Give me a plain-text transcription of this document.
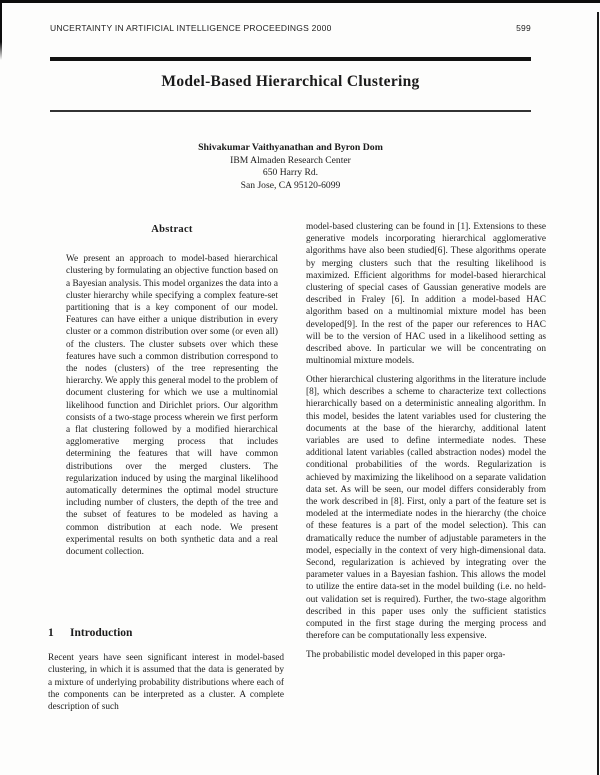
UNCERTAINTY IN ARTIFICIAL INTELLIGENCE PROCEEDINGS 2000	599
Model-Based Hierarchical Clustering
Shivakumar Vaithyanathan and Byron Dom
IBM Almaden Research Center
650 Harry Rd.
San Jose, CA 95120-6099
Abstract
We present an approach to model-based hierarchical clustering by formulating an objective function based on a Bayesian analysis. This model organizes the data into a cluster hierarchy while specifying a complex feature-set partitioning that is a key component of our model. Features can have either a unique distribution in every cluster or a common distribution over some (or even all) of the clusters. The cluster subsets over which these features have such a common distribution correspond to the nodes (clusters) of the tree representing the hierarchy. We apply this general model to the problem of document clustering for which we use a multinomial likelihood function and Dirichlet priors. Our algorithm consists of a two-stage process wherein we first perform a flat clustering followed by a modified hierarchical agglomerative merging process that includes determining the features that will have common distributions over the merged clusters. The regularization induced by using the marginal likelihood automatically determines the optimal model structure including number of clusters, the depth of the tree and the subset of features to be modeled as having a common distribution at each node. We present experimental results on both synthetic data and a real document collection.
1 Introduction

Recent years have seen significant interest in model-based clustering, in which it is assumed that the data is generated by a mixture of underlying probability distributions where each of the components can be interpreted as a cluster. A complete description of such

model-based clustering can be found in [1]. Extensions to these generative models incorporating hierarchical agglomerative algorithms have also been studied[6]. These algorithms operate by merging clusters such that the resulting likelihood is maximized. Efficient algorithms for model-based hierarchical clustering of special cases of Gaussian generative models are described in Fraley [6]. In addition a model-based HAC algorithm based on a multinomial mixture model has been developed[9]. In the rest of the paper our references to HAC will be to the version of HAC used in a likelihood setting as described above. In particular we will be concentrating on multinomial mixture models.

Other hierarchical clustering algorithms in the literature include [8], which describes a scheme to characterize text collections hierarchically based on a deterministic annealing algorithm. In this model, besides the latent variables used for clustering the documents at the base of the hierarchy, additional latent variables are used to define intermediate nodes. These additional latent variables (called abstraction nodes) model the conditional probabilities of the words. Regularization is achieved by maximizing the likelihood on a separate validation data set. As will be seen, our model differs considerably from the work described in [8]. First, only a part of the feature set is modeled at the intermediate nodes in the hierarchy (the choice of these features is a part of the model selection). This can dramatically reduce the number of adjustable parameters in the model, especially in the context of very high-dimensional data. Second, regularization is achieved by integrating over the parameter values in a Bayesian fashion. This allows the model to utilize the entire data-set in the model building (i.e. no held-out validation set is required). Further, the two-stage algorithm described in this paper uses only the sufficient statistics computed in the first stage during the merging process and therefore can be computationally less expensive.

The probabilistic model developed in this paper orga-
